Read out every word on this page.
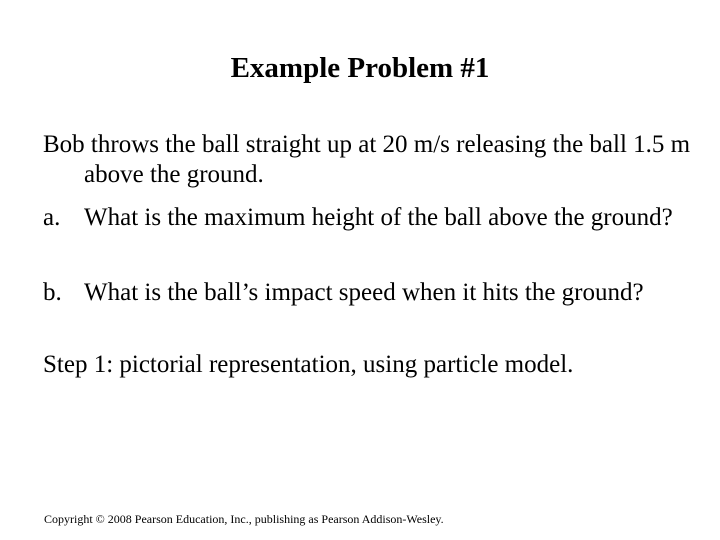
Example Problem #1

Bob throws the ball straight up at 20 m/s releasing the ball 1.5 m above the ground.

a. What is the maximum height of the ball above the ground?

b. What is the ball’s impact speed when it hits the ground?

Step 1: pictorial representation, using particle model.

Copyright © 2008 Pearson Education, Inc., publishing as Pearson Addison-Wesley.
